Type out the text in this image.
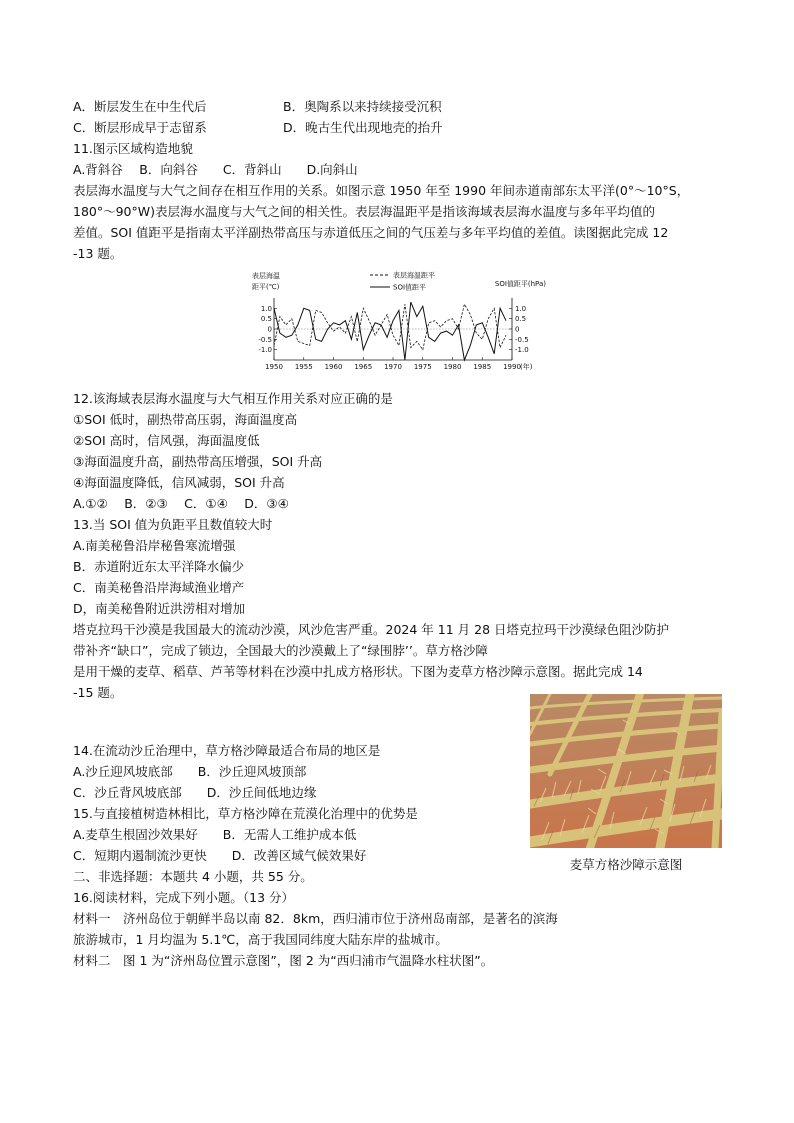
A．断层发生在中生代后	B．奥陶系以来持续接受沉积
C．断层形成早于志留系	D．晚古生代出现地壳的抬升
11.图示区域构造地貌
A.背斜谷　 B．向斜谷　　C．背斜山　　D.向斜山
表层海水温度与大气之间存在相互作用的关系。如图示意 1950 年至 1990 年间赤道南部东太平洋(0°～10°S，
180°～90°W)表层海水温度与大气之间的相关性。表层海温距平是指该海域表层海水温度与多年平均值的
差值。SOI 值距平是指南太平洋副热带高压与赤道低压之间的气压差与多年平均值的差值。读图据此完成 12
-13 题。
1.0
0.5
0
-0.5
-1.0
1.0
0.5
0
-0.5
-1.0
1950 1955 1960 1965 1970 1975 1980 1985 1990 (年)
表层海温
距平(℃)	SOI值距平(hPa)
表层海温距平
SOI值距平
12.该海域表层海水温度与大气相互作用关系对应正确的是
①SOI 低时，副热带高压弱，海面温度高
②SOI 高时，信风强，海面温度低
③海面温度升高，副热带高压增强，SOI 升高
④海面温度降低，信风减弱，SOI 升高
A.①②　 B．②③　 C．①④　 D．③④
13.当 SOI 值为负距平且数值较大时
A.南美秘鲁沿岸秘鲁寒流增强
B．赤道附近东太平洋降水偏少
C．南美秘鲁沿岸海域渔业增产
D，南美秘鲁附近洪涝相对增加
塔克拉玛干沙漠是我国最大的流动沙漠，风沙危害严重。2024 年 11 月 28 日塔克拉玛干沙漠绿色阻沙防护
带补齐“缺口”，完成了锁边，全国最大的沙漠戴上了“绿围脖’’。草方格沙障
是用干燥的麦草、稻草、芦苇等材料在沙漠中扎成方格形状。下图为麦草方格沙障示意图。据此完成 14
-15 题。
麦草方格沙障示意图
14.在流动沙丘治理中，草方格沙障最适合布局的地区是
A.沙丘迎风坡底部　　B．沙丘迎风坡顶部
C．沙丘背风坡底部　　D．沙丘间低地边缘
15.与直接植树造林相比，草方格沙障在荒漠化治理中的优势是
A.麦草生根固沙效果好　　B．无需人工维护成本低
C．短期内遏制流沙更快　　D．改善区域气候效果好
二、非选择题：本题共 4 小题，共 55 分。
16.阅读材料，完成下列小题。（13 分）
材料一　济州岛位于朝鲜半岛以南 82．8km，西归浦市位于济州岛南部，是著名的滨海
旅游城市，1 月均温为 5.1℃，高于我国同纬度大陆东岸的盐城市。
材料二　图 1 为“济州岛位置示意图”，图 2 为“西归浦市气温降水柱状图”。
